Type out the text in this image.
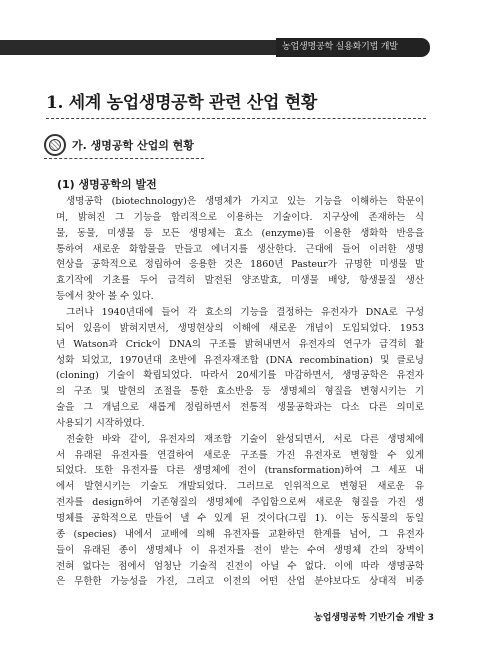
농업생명공학 실용화기법 개발
1. 세계 농업생명공학 관련 산업 현황
가. 생명공학 산업의 현황
(1) 생명공학의 발전
생명공학 (biotechnology)은 생명체가 가지고 있는 기능을 이해하는 학문이
며, 밝혀진 그 기능을 합리적으로 이용하는 기술이다. 지구상에 존재하는 식
물, 동물, 미생물 등 모든 생명체는 효소 (enzyme)를 이용한 생화학 반응을
통하여 새로운 화합물을 만들고 에너지를 생산한다. 근대에 들어 이러한 생명
현상을 공학적으로 정립하여 응용한 것은 1860년 Pasteur가 규명한 미생물 발
효기작에 기초를 두어 급격히 발전된 양조발효, 미생물 배양, 항생물질 생산
등에서 찾아 볼 수 있다.
그러나 1940년대에 들어 각 효소의 기능을 결정하는 유전자가 DNA로 구성
되어 있음이 밝혀지면서, 생명현상의 이해에 새로운 개념이 도입되었다. 1953
년 Watson과 Crick이 DNA의 구조를 밝혀내면서 유전자의 연구가 급격히 활
성화 되었고, 1970년대 초반에 유전자재조합 (DNA recombination) 및 클로닝
(cloning) 기술이 확립되었다. 따라서 20세기를 마감하면서, 생명공학은 유전자
의 구조 및 발현의 조절을 통한 효소반응 등 생명체의 형질을 변형시키는 기
술을 그 개념으로 새롭게 정립하면서 전통적 생물공학과는 다소 다른 의미로
사용되기 시작하였다.
전술한 바와 같이, 유전자의 재조합 기술이 완성되면서, 서로 다른 생명체에
서 유래된 유전자를 연결하여 새로운 구조를 가진 유전자로 변형할 수 있게
되었다. 또한 유전자를 다른 생명체에 전이 (transformation)하여 그 세포 내
에서 발현시키는 기술도 개발되었다. 그러므로 인위적으로 변형된 새로운 유
전자를 design하여 기존형질의 생명체에 주입함으로써 새로운 형질을 가진 생
명체를 공학적으로 만들어 낼 수 있게 된 것이다(그림 1). 이는 동식물의 동일
종 (species) 내에서 교배에 의해 유전자를 교환하던 한계를 넘어, 그 유전자
들이 유래된 종이 생명체나 이 유전자를 전이 받는 수여 생명체 간의 장벽이
전혀 없다는 점에서 엄청난 기술적 진전이 아닐 수 없다. 이에 따라 생명공학
은 무한한 가능성을 가진, 그리고 이전의 어떤 산업 분야보다도 상대적 비중
농업생명공학 기반기술 개발 3
